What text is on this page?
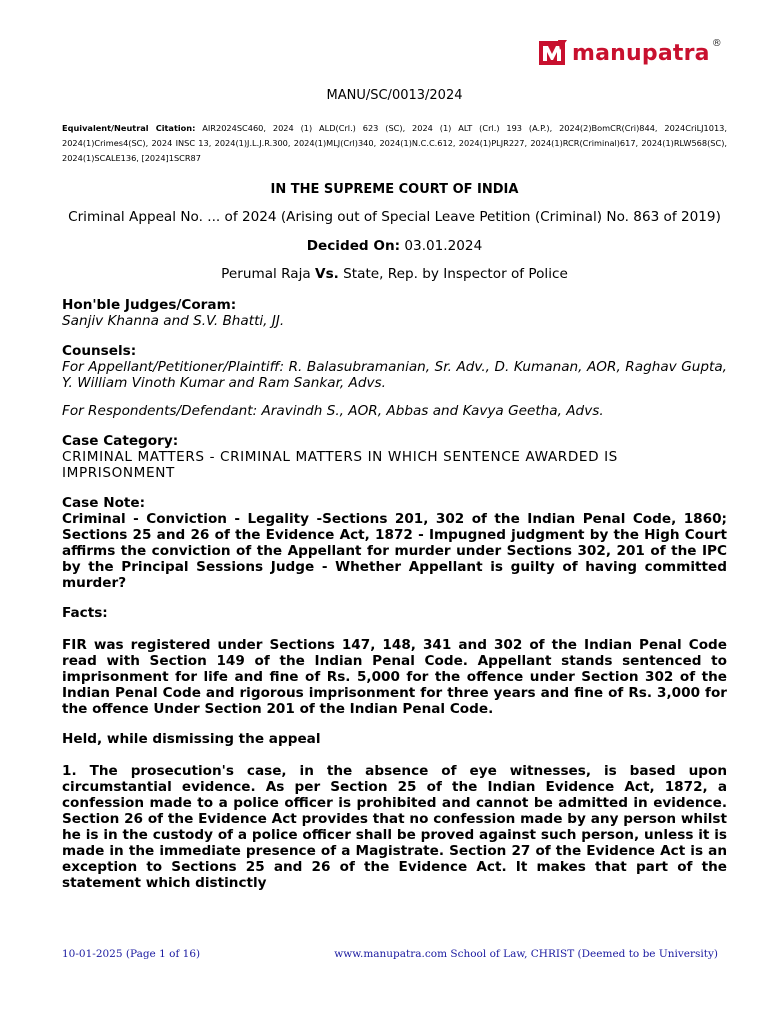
manupatra ®

MANU/SC/0013/2024

Equivalent/Neutral Citation: AIR2024SC460, 2024 (1) ALD(Crl.) 623 (SC), 2024 (1) ALT (Crl.) 193 (A.P.), 2024(2)BomCR(Cri)844, 2024CriLJ1013, 2024(1)Crimes4(SC), 2024 INSC 13, 2024(1)J.L.J.R.300, 2024(1)MLJ(Crl)340, 2024(1)N.C.C.612, 2024(1)PLJR227, 2024(1)RCR(Criminal)617, 2024(1)RLW568(SC), 2024(1)SCALE136, [2024]1SCR87

IN THE SUPREME COURT OF INDIA

Criminal Appeal No. ... of 2024 (Arising out of Special Leave Petition (Criminal) No. 863 of 2019)

Decided On: 03.01.2024

Perumal Raja Vs. State, Rep. by Inspector of Police

Hon'ble Judges/Coram:

Sanjiv Khanna and S.V. Bhatti, JJ.

Counsels:

For Appellant/Petitioner/Plaintiff: R. Balasubramanian, Sr. Adv., D. Kumanan, AOR, Raghav Gupta, Y. William Vinoth Kumar and Ram Sankar, Advs.

For Respondents/Defendant: Aravindh S., AOR, Abbas and Kavya Geetha, Advs.

Case Category:

CRIMINAL MATTERS - CRIMINAL MATTERS IN WHICH SENTENCE AWARDED IS IMPRISONMENT

Case Note:

Criminal - Conviction - Legality -Sections 201, 302 of the Indian Penal Code, 1860; Sections 25 and 26 of the Evidence Act, 1872 - Impugned judgment by the High Court affirms the conviction of the Appellant for murder under Sections 302, 201 of the IPC by the Principal Sessions Judge - Whether Appellant is guilty of having committed murder?

Facts:

FIR was registered under Sections 147, 148, 341 and 302 of the Indian Penal Code read with Section 149 of the Indian Penal Code. Appellant stands sentenced to imprisonment for life and fine of Rs. 5,000 for the offence under Section 302 of the Indian Penal Code and rigorous imprisonment for three years and fine of Rs. 3,000 for the offence Under Section 201 of the Indian Penal Code.

Held, while dismissing the appeal

1. The prosecution's case, in the absence of eye witnesses, is based upon circumstantial evidence. As per Section 25 of the Indian Evidence Act, 1872, a confession made to a police officer is prohibited and cannot be admitted in evidence. Section 26 of the Evidence Act provides that no confession made by any person whilst he is in the custody of a police officer shall be proved against such person, unless it is made in the immediate presence of a Magistrate. Section 27 of the Evidence Act is an exception to Sections 25 and 26 of the Evidence Act. It makes that part of the statement which distinctly

10-01-2025 (Page 1 of 16)	www.manupatra.com School of Law, CHRIST (Deemed to be University)
